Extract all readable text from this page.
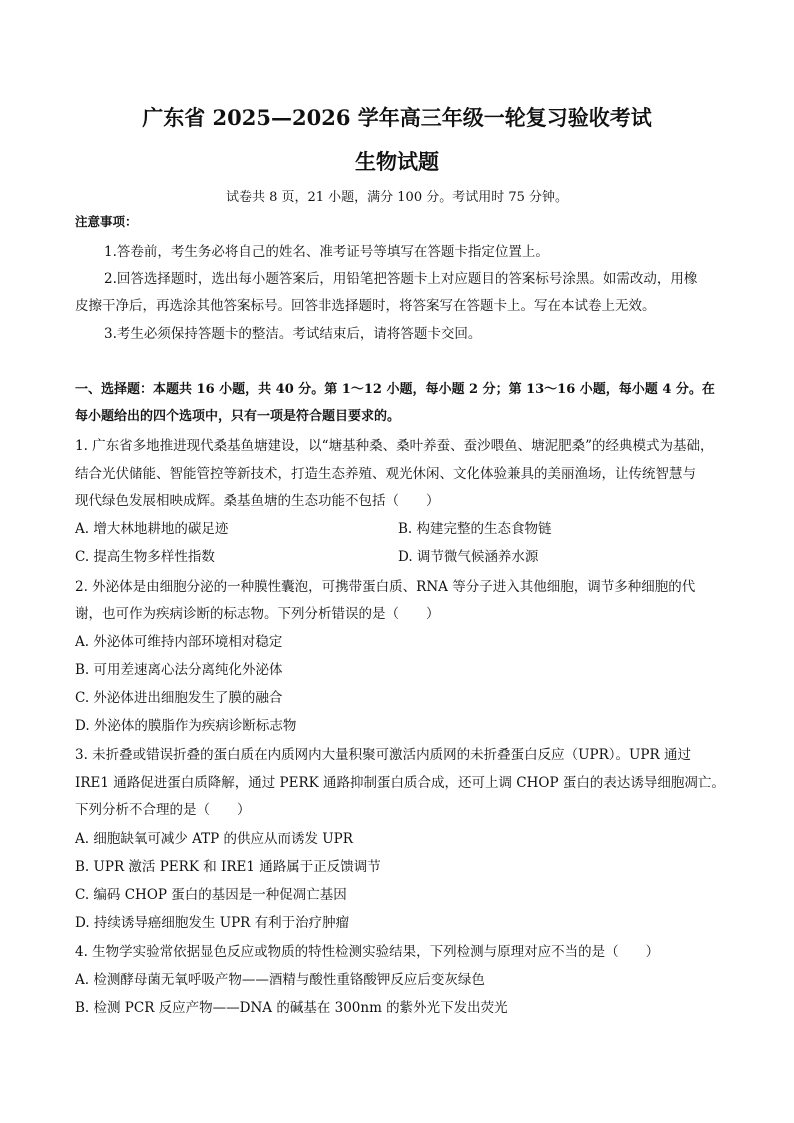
广东省 2025—2026 学年高三年级一轮复习验收考试
生物试题
试卷共 8 页，21 小题，满分 100 分。考试用时 75 分钟。
注意事项：
1.答卷前，考生务必将自己的姓名、准考证号等填写在答题卡指定位置上。
2.回答选择题时，选出每小题答案后，用铅笔把答题卡上对应题目的答案标号涂黑。如需改动，用橡
皮擦干净后，再选涂其他答案标号。回答非选择题时，将答案写在答题卡上。写在本试卷上无效。
3.考生必须保持答题卡的整洁。考试结束后，请将答题卡交回。
一、选择题：本题共 16 小题，共 40 分。第 1～12 小题，每小题 2 分；第 13～16 小题，每小题 4 分。在
每小题给出的四个选项中，只有一项是符合题目要求的。
1. 广东省多地推进现代桑基鱼塘建设，以“塘基种桑、桑叶养蚕、蚕沙喂鱼、塘泥肥桑”的经典模式为基础，
结合光伏储能、智能管控等新技术，打造生态养殖、观光休闲、文化体验兼具的美丽渔场，让传统智慧与
现代绿色发展相映成辉。桑基鱼塘的生态功能不包括（　　）
A. 增大林地耕地的碳足迹	B. 构建完整的生态食物链
C. 提高生物多样性指数	D. 调节微气候涵养水源
2. 外泌体是由细胞分泌的一种膜性囊泡，可携带蛋白质、RNA 等分子进入其他细胞，调节多种细胞的代
谢，也可作为疾病诊断的标志物。下列分析错误的是（　　）
A. 外泌体可维持内部环境相对稳定
B. 可用差速离心法分离纯化外泌体
C. 外泌体进出细胞发生了膜的融合
D. 外泌体的膜脂作为疾病诊断标志物
3. 未折叠或错误折叠的蛋白质在内质网内大量积聚可激活内质网的未折叠蛋白反应（UPR）。UPR 通过
IRE1 通路促进蛋白质降解，通过 PERK 通路抑制蛋白质合成，还可上调 CHOP 蛋白的表达诱导细胞凋亡。
下列分析不合理的是（　　）
A. 细胞缺氧可减少 ATP 的供应从而诱发 UPR
B. UPR 激活 PERK 和 IRE1 通路属于正反馈调节
C. 编码 CHOP 蛋白的基因是一种促凋亡基因
D. 持续诱导癌细胞发生 UPR 有利于治疗肿瘤
4. 生物学实验常依据显色反应或物质的特性检测实验结果，下列检测与原理对应不当的是（　　）
A. 检测酵母菌无氧呼吸产物——酒精与酸性重铬酸钾反应后变灰绿色
B. 检测 PCR 反应产物——DNA 的碱基在 300nm 的紫外光下发出荧光
